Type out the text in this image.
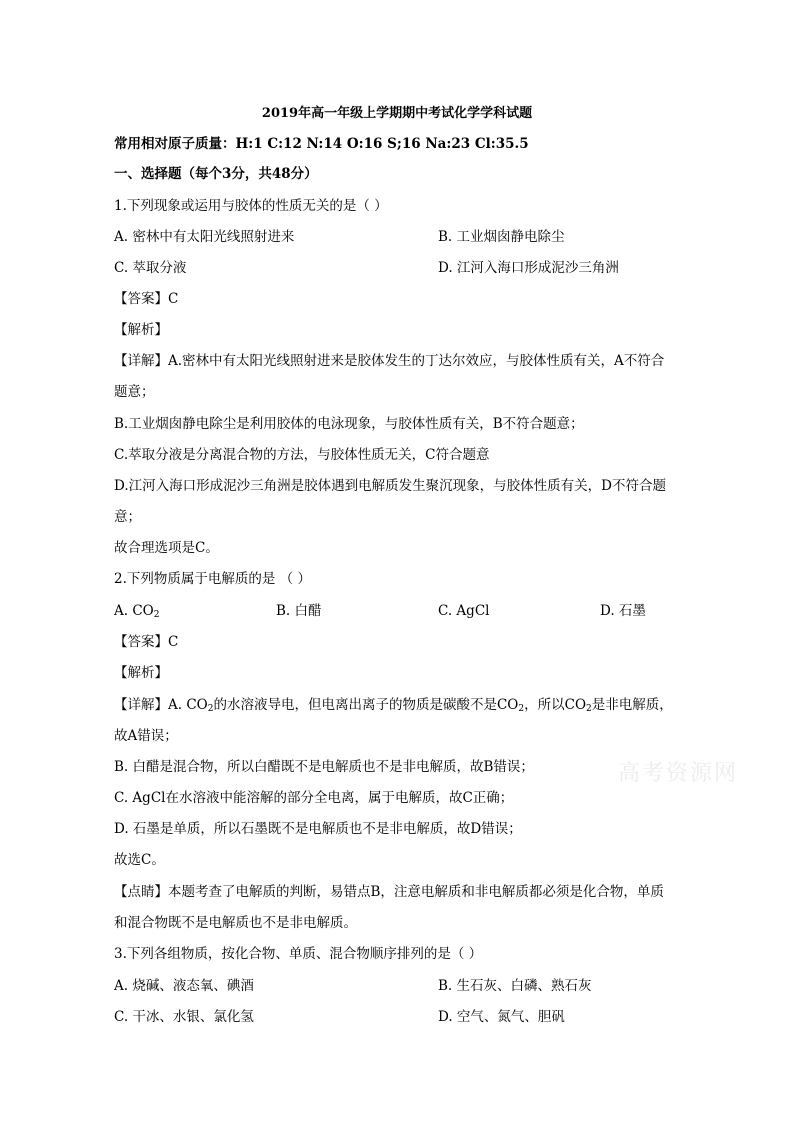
2019年高一年级上学期期中考试化学学科试题
常用相对原子质量：H:1 C:12 N:14 O:16 S;16 Na:23 Cl:35.5
一、选择题（每个3分，共48分）
1.下列现象或运用与胶体的性质无关的是（ ）
A. 密林中有太阳光线照射进来	B. 工业烟囱静电除尘
C. 萃取分液	D. 江河入海口形成泥沙三角洲
【答案】C
【解析】
【详解】A.密林中有太阳光线照射进来是胶体发生的丁达尔效应，与胶体性质有关，A不符合
题意；
B.工业烟囱静电除尘是利用胶体的电泳现象，与胶体性质有关，B不符合题意；
C.萃取分液是分离混合物的方法，与胶体性质无关，C符合题意
D.江河入海口形成泥沙三角洲是胶体遇到电解质发生聚沉现象，与胶体性质有关，D不符合题
意；
故合理选项是C。
2.下列物质属于电解质的是 （ ）
A. $CO_2$	B. 白醋	C. AgCl	D. 石墨
【答案】C
【解析】
【详解】A. $CO_2$的水溶液导电，但电离出离子的物质是碳酸不是$CO_2$，所以$CO_2$是非电解质，
故A错误；
B. 白醋是混合物，所以白醋既不是电解质也不是非电解质，故B错误；
C. AgCl在水溶液中能溶解的部分全电离，属于电解质，故C正确；
D. 石墨是单质，所以石墨既不是电解质也不是非电解质，故D错误；
故选C。
【点睛】本题考查了电解质的判断，易错点B，注意电解质和非电解质都必须是化合物，单质
和混合物既不是电解质也不是非电解质。
3.下列各组物质，按化合物、单质、混合物顺序排列的是（ ）
A. 烧碱、液态氧、碘酒	B. 生石灰、白磷、熟石灰
C. 干冰、水银、氯化氢	D. 空气、氮气、胆矾
高考资源网
